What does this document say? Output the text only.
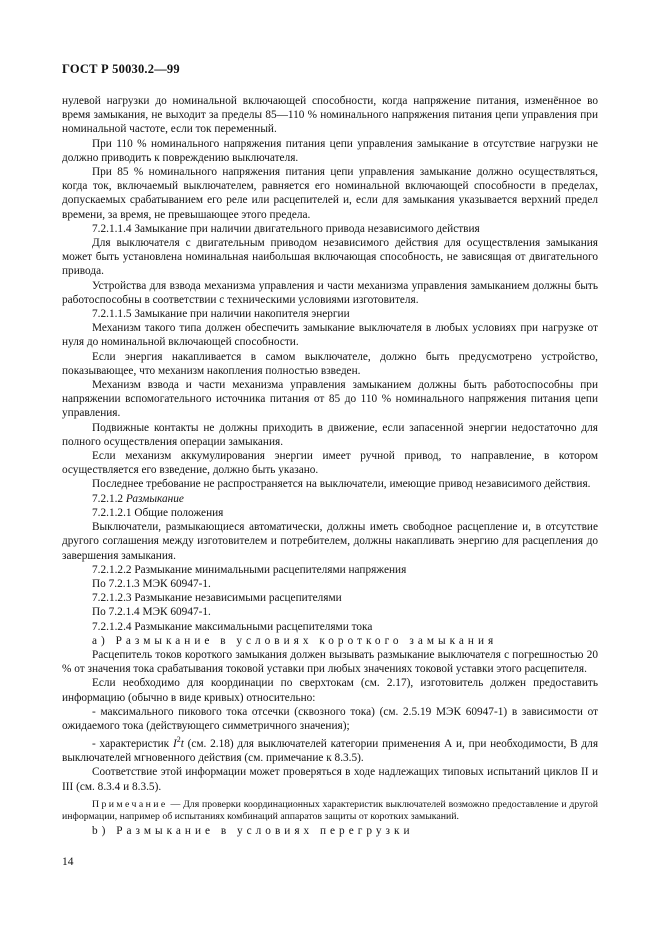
ГОСТ Р 50030.2—99

нулевой нагрузки до номинальной включающей способности, когда напряжение питания, изменённое во время замыкания, не выходит за пределы 85—110 % номинального напряжения питания цепи управления при номинальной частоте, если ток переменный.

При 110 % номинального напряжения питания цепи управления замыкание в отсутствие нагрузки не должно приводить к повреждению выключателя.

При 85 % номинального напряжения питания цепи управления замыкание должно осуществляться, когда ток, включаемый выключателем, равняется его номинальной включающей способности в пределах, допускаемых срабатыванием его реле или расцепителей и, если для замыкания указывается верхний предел времени, за время, не превышающее этого предела.

7.2.1.1.4 Замыкание при наличии двигательного привода независимого действия

Для выключателя с двигательным приводом независимого действия для осуществления замыкания может быть установлена номинальная наибольшая включающая способность, не зависящая от двигательного привода.

Устройства для взвода механизма управления и части механизма управления замыканием должны быть работоспособны в соответствии с техническими условиями изготовителя.

7.2.1.1.5 Замыкание при наличии накопителя энергии

Механизм такого типа должен обеспечить замыкание выключателя в любых условиях при нагрузке от нуля до номинальной включающей способности.

Если энергия накапливается в самом выключателе, должно быть предусмотрено устройство, показывающее, что механизм накопления полностью взведен.

Механизм взвода и части механизма управления замыканием должны быть работоспособны при напряжении вспомогательного источника питания от 85 до 110 % номинального напряжения питания цепи управления.

Подвижные контакты не должны приходить в движение, если запасенной энергии недостаточно для полного осуществления операции замыкания.

Если механизм аккумулирования энергии имеет ручной привод, то направление, в котором осуществляется его взведение, должно быть указано.

Последнее требование не распространяется на выключатели, имеющие привод независимого действия.

7.2.1.2 Размыкание

7.2.1.2.1 Общие положения

Выключатели, размыкающиеся автоматически, должны иметь свободное расцепление и, в отсутствие другого соглашения между изготовителем и потребителем, должны накапливать энергию для расцепления до завершения замыкания.

7.2.1.2.2 Размыкание минимальными расцепителями напряжения

По 7.2.1.3 МЭК 60947-1.

7.2.1.2.3 Размыкание независимыми расцепителями

По 7.2.1.4 МЭК 60947-1.

7.2.1.2.4 Размыкание максимальными расцепителями тока

а) Размыкание в условиях короткого замыкания

Расцепитель токов короткого замыкания должен вызывать размыкание выключателя с погрешностью 20 % от значения тока срабатывания токовой уставки при любых значениях токовой уставки этого расцепителя.

Если необходимо для координации по сверхтокам (см. 2.17), изготовитель должен предоставить информацию (обычно в виде кривых) относительно:

- максимального пикового тока отсечки (сквозного тока) (см. 2.5.19 МЭК 60947-1) в зависимости от ожидаемого тока (действующего симметричного значения);

- характеристик $I^2t$ (см. 2.18) для выключателей категории применения А и, при необходимости, В для выключателей мгновенного действия (см. примечание к 8.3.5).

Соответствие этой информации может проверяться в ходе надлежащих типовых испытаний циклов II и III (см. 8.3.4 и 8.3.5).

Примечание — Для проверки координационных характеристик выключателей возможно предоставление и другой информации, например об испытаниях комбинаций аппаратов защиты от коротких замыканий.

b) Размыкание в условиях перегрузки

14
